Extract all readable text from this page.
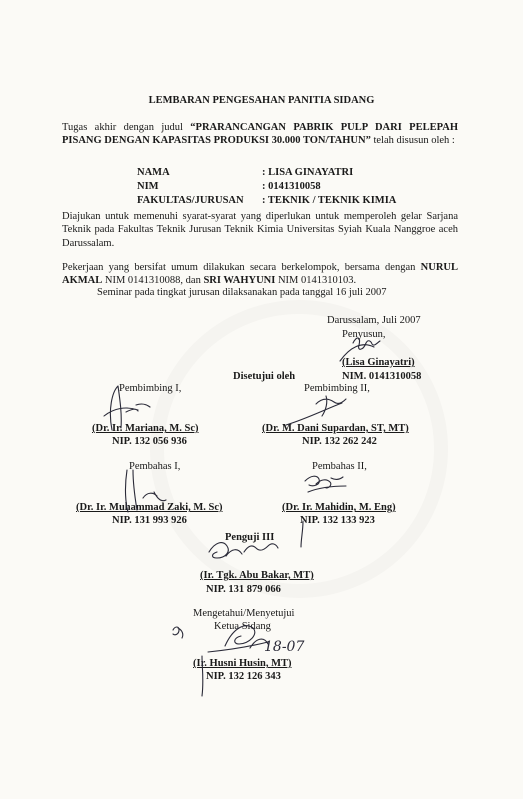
LEMBARAN PENGESAHAN PANITIA SIDANG
Tugas akhir dengan judul “PRARANCANGAN PABRIK PULP DARI PELEPAH PISANG DENGAN KAPASITAS PRODUKSI 30.000 TON/TAHUN” telah disusun oleh :
NAMA	: LISA GINAYATRI
NIM	: 0141310058
FAKULTAS/JURUSAN	: TEKNIK / TEKNIK KIMIA
Diajukan untuk memenuhi syarat-syarat yang diperlukan untuk memperoleh gelar Sarjana Teknik pada Fakultas Teknik Jurusan Teknik Kimia Universitas Syiah Kuala Nanggroe aceh Darussalam.
Pekerjaan yang bersifat umum dilakukan secara berkelompok, bersama dengan NURUL AKMAL NIM 0141310088, dan SRI WAHYUNI NIM 0141310103.
Seminar pada tingkat jurusan dilaksanakan pada tanggal 16 juli 2007
Darussalam, Juli 2007
Penyusun,
(Lisa Ginayatri)
NIM. 0141310058
Disetujui oleh
Pembimbing I,
(Dr. Ir. Mariana, M. Sc)
NIP. 132 056 936
Pembimbing II,
(Dr. M. Dani Supardan, ST, MT)
NIP. 132 262 242
Pembahas I,
(Dr. Ir. Muhammad Zaki, M. Sc)
NIP. 131 993 926
Pembahas II,
(Dr. Ir. Mahidin, M. Eng)
NIP. 132 133 923
Penguji III
(Ir. Tgk. Abu Bakar, MT)
NIP. 131 879 066
Mengetahui/Menyetujui
Ketua Sidang
(Ir. Husni Husin, MT)
NIP. 132 126 343
18-07
